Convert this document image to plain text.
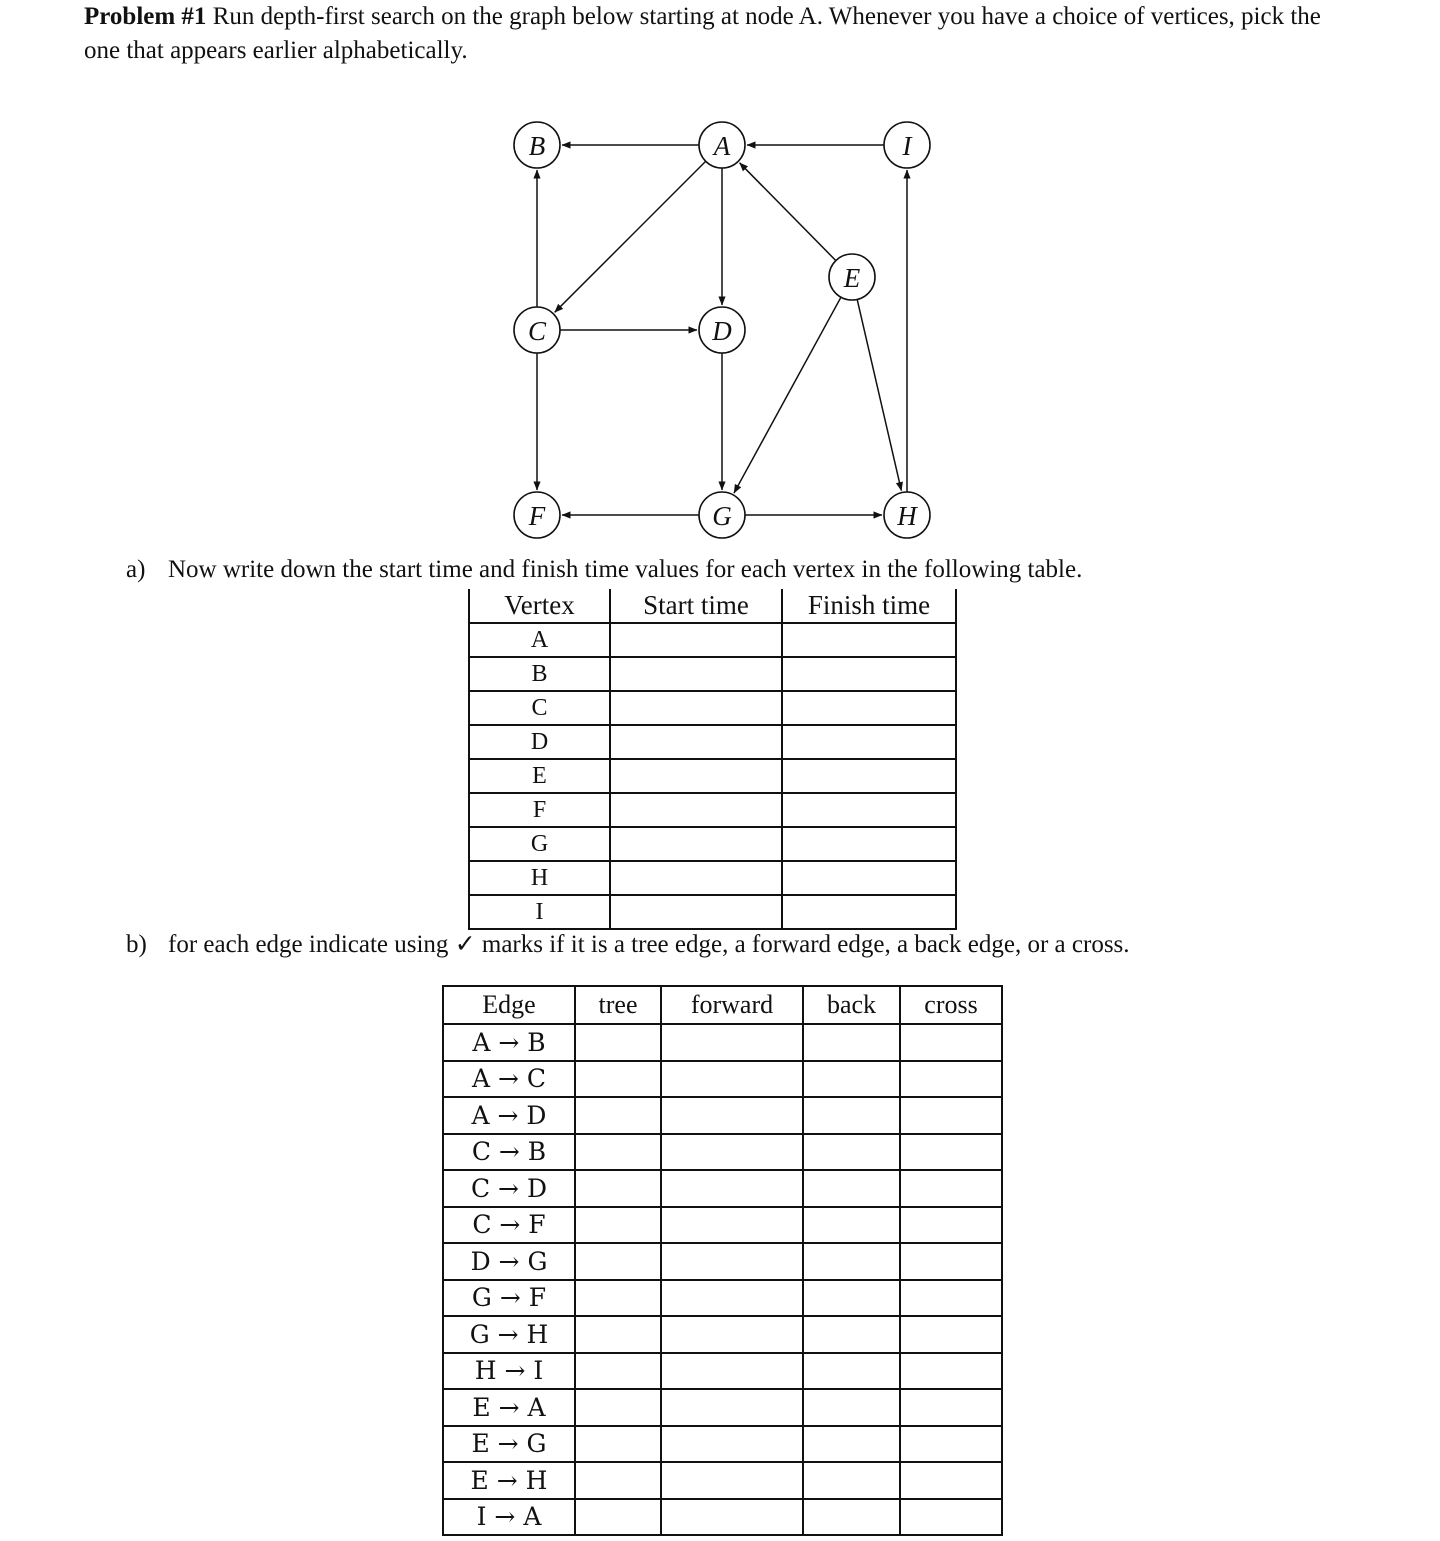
Problem #1 Run depth-first search on the graph below starting at node A. Whenever you have a choice of vertices, pick the one that appears earlier alphabetically.
A
B
C	D
E
F	G	H
I
a) Now write down the start time and finish time values for each vertex in the following table.
Vertex	Start time	Finish time
A		
B		
C		
D		
E		
F		
G		
H		
I		
b) for each edge indicate using ✓ marks if it is a tree edge, a forward edge, a back edge, or a cross.
Edge	tree	forward	back	cross
A → B				
A → C				
A → D				
C → B				
C → D				
C → F				
D → G				
G → F				
G → H				
H → I				
E → A				
E → G				
E → H				
I → A				
